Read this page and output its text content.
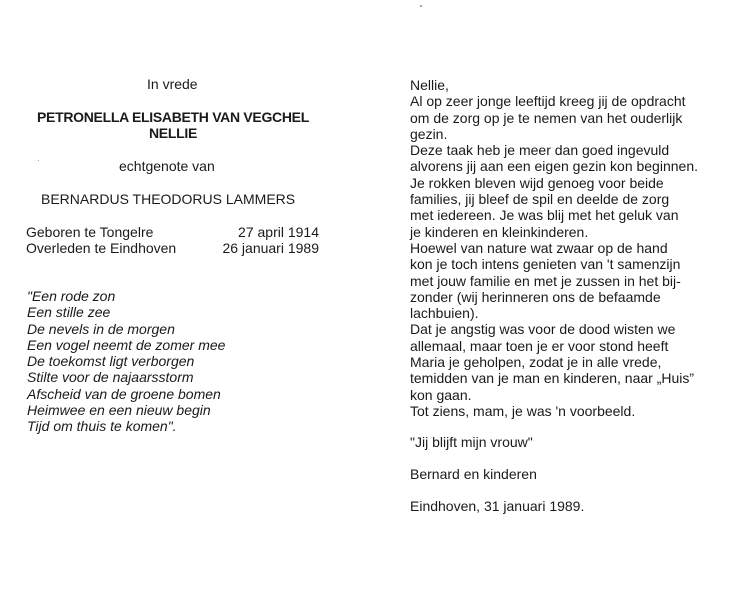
In vrede
PETRONELLA ELISABETH VAN VEGCHEL
NELLIE
echtgenote van
BERNARDUS THEODORUS LAMMERS
Geboren te Tongelre	27 april 1914
Overleden te Eindhoven	26 januari 1989
"Een rode zon
Een stille zee
De nevels in de morgen
Een vogel neemt de zomer mee
De toekomst ligt verborgen
Stilte voor de najaarsstorm
Afscheid van de groene bomen
Heimwee en een nieuw begin
Tijd om thuis te komen".
Nellie,
Al op zeer jonge leeftijd kreeg jij de opdracht
om de zorg op je te nemen van het ouderlijk
gezin.
Deze taak heb je meer dan goed ingevuld
alvorens jij aan een eigen gezin kon beginnen.
Je rokken bleven wijd genoeg voor beide
families, jij bleef de spil en deelde de zorg
met iedereen. Je was blij met het geluk van
je kinderen en kleinkinderen.
Hoewel van nature wat zwaar op de hand
kon je toch intens genieten van 't samenzijn
met jouw familie en met je zussen in het bij-
zonder (wij herinneren ons de befaamde
lachbuien).
Dat je angstig was voor de dood wisten we
allemaal, maar toen je er voor stond heeft
Maria je geholpen, zodat je in alle vrede,
temidden van je man en kinderen, naar „Huis”
kon gaan.
Tot ziens, mam, je was 'n voorbeeld.
"Jij blijft mijn vrouw"
Bernard en kinderen
Eindhoven, 31 januari 1989.
